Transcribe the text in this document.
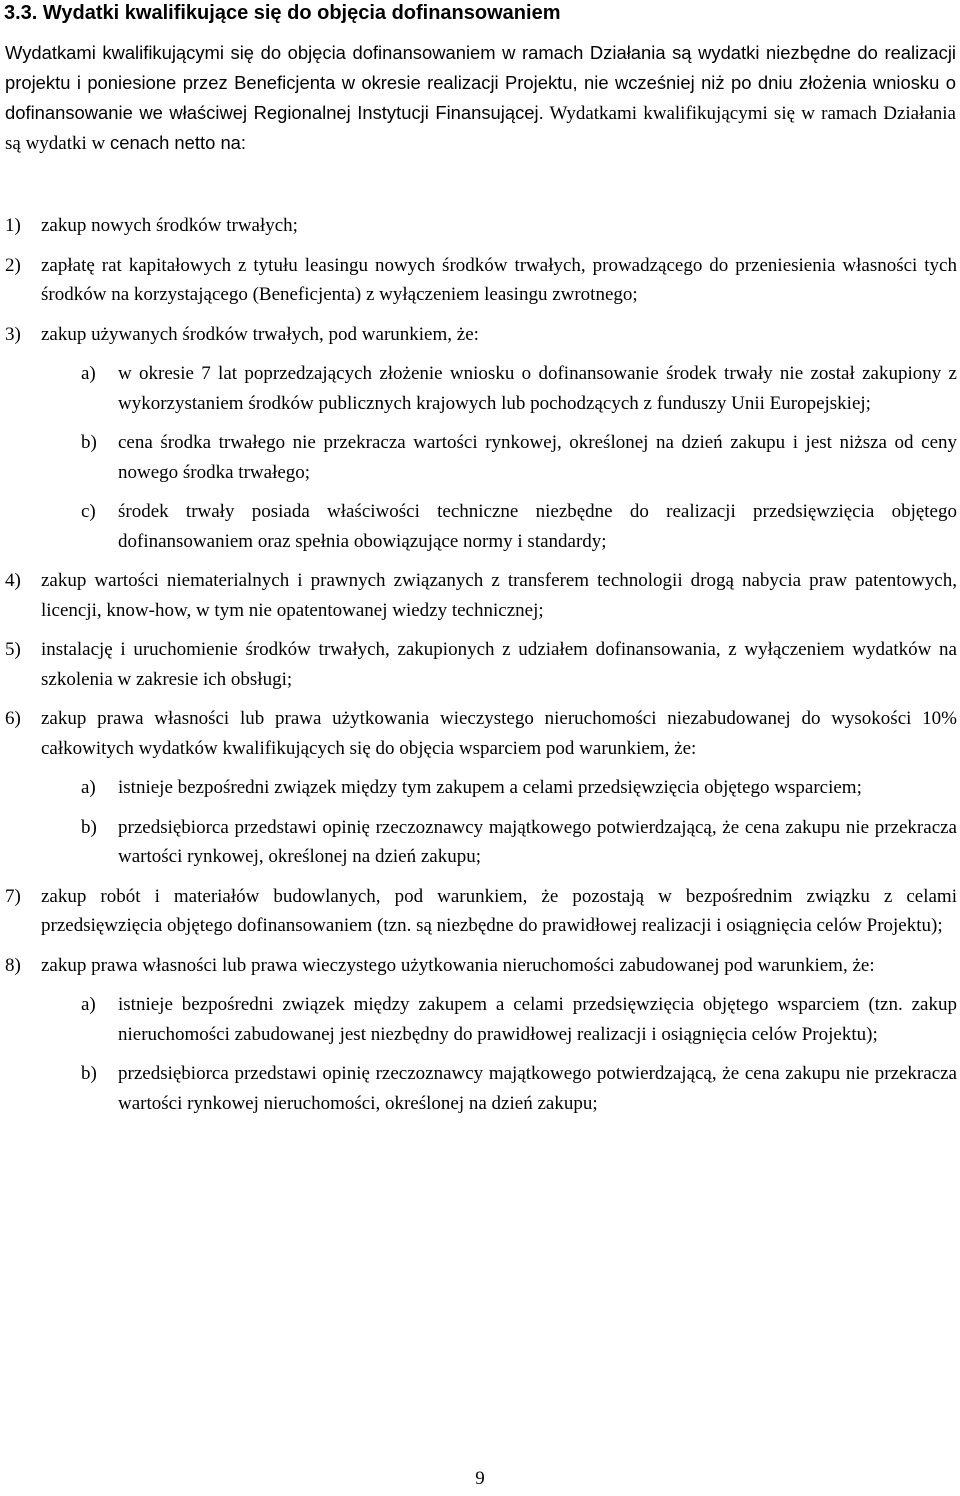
3.3. Wydatki kwalifikujące się do objęcia dofinansowaniem

Wydatkami kwalifikującymi się do objęcia dofinansowaniem w ramach Działania są wydatki niezbędne do realizacji projektu i poniesione przez Beneficjenta w okresie realizacji Projektu, nie wcześniej niż po dniu złożenia wniosku o dofinansowanie we właściwej Regionalnej Instytucji Finansującej. Wydatkami kwalifikującymi się w ramach Działania są wydatki w cenach netto na:

1) zakup nowych środków trwałych;
2) zapłatę rat kapitałowych z tytułu leasingu nowych środków trwałych, prowadzącego do przeniesienia własności tych środków na korzystającego (Beneficjenta) z wyłączeniem leasingu zwrotnego;
3) zakup używanych środków trwałych, pod warunkiem, że:
a) w okresie 7 lat poprzedzających złożenie wniosku o dofinansowanie środek trwały nie został zakupiony z wykorzystaniem środków publicznych krajowych lub pochodzących z funduszy Unii Europejskiej;
b) cena środka trwałego nie przekracza wartości rynkowej, określonej na dzień zakupu i jest niższa od ceny nowego środka trwałego;
c) środek trwały posiada właściwości techniczne niezbędne do realizacji przedsięwzięcia objętego dofinansowaniem oraz spełnia obowiązujące normy i standardy;
4) zakup wartości niematerialnych i prawnych związanych z transferem technologii drogą nabycia praw patentowych, licencji, know-how, w tym nie opatentowanej wiedzy technicznej;
5) instalację i uruchomienie środków trwałych, zakupionych z udziałem dofinansowania, z wyłączeniem wydatków na szkolenia w zakresie ich obsługi;
6) zakup prawa własności lub prawa użytkowania wieczystego nieruchomości niezabudowanej do wysokości 10% całkowitych wydatków kwalifikujących się do objęcia wsparciem pod warunkiem, że:
a) istnieje bezpośredni związek między tym zakupem a celami przedsięwzięcia objętego wsparciem;
b) przedsiębiorca przedstawi opinię rzeczoznawcy majątkowego potwierdzającą, że cena zakupu nie przekracza wartości rynkowej, określonej na dzień zakupu;
7) zakup robót i materiałów budowlanych, pod warunkiem, że pozostają w bezpośrednim związku z celami przedsięwzięcia objętego dofinansowaniem (tzn. są niezbędne do prawidłowej realizacji i osiągnięcia celów Projektu);
8) zakup prawa własności lub prawa wieczystego użytkowania nieruchomości zabudowanej pod warunkiem, że:
a) istnieje bezpośredni związek między zakupem a celami przedsięwzięcia objętego wsparciem (tzn. zakup nieruchomości zabudowanej jest niezbędny do prawidłowej realizacji i osiągnięcia celów Projektu);
b) przedsiębiorca przedstawi opinię rzeczoznawcy majątkowego potwierdzającą, że cena zakupu nie przekracza wartości rynkowej nieruchomości, określonej na dzień zakupu;
9
